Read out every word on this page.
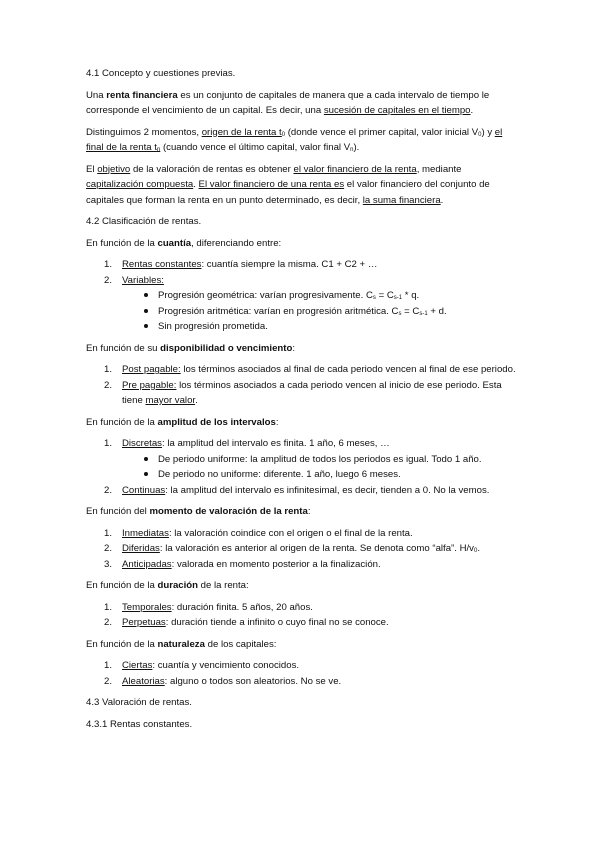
4.1 Concepto y cuestiones previas.

Una renta financiera es un conjunto de capitales de manera que a cada intervalo de tiempo le corresponde el vencimiento de un capital. Es decir, una sucesión de capitales en el tiempo.

Distinguimos 2 momentos, origen de la renta $t_0$ (donde vence el primer capital, valor inicial $V_0$) y el final de la renta $t_n$ (cuando vence el último capital, valor final $V_n$).

El objetivo de la valoración de rentas es obtener el valor financiero de la renta, mediante capitalización compuesta. El valor financiero de una renta es el valor financiero del conjunto de capitales que forman la renta en un punto determinado, es decir, la suma financiera.

4.2 Clasificación de rentas.

En función de la cuantía, diferenciando entre:

1. Rentas constantes: cuantía siempre la misma. C1 + C2 + …
2. Variables:
Progresión geométrica: varían progresivamente. $C_s = C_{s-1} * q$.
Progresión aritmética: varían en progresión aritmética. $C_s = C_{s-1} + d$.
Sin progresión prometida.

En función de su disponibilidad o vencimiento:

1. Post pagable: los términos asociados al final de cada periodo vencen al final de ese periodo.
2. Pre pagable: los términos asociados a cada periodo vencen al inicio de ese periodo. Esta tiene mayor valor.

En función de la amplitud de los intervalos:

1. Discretas: la amplitud del intervalo es finita. 1 año, 6 meses, …
De periodo uniforme: la amplitud de todos los periodos es igual. Todo 1 año.
De periodo no uniforme: diferente. 1 año, luego 6 meses.
2. Continuas: la amplitud del intervalo es infinitesimal, es decir, tienden a 0. No la vemos.

En función del momento de valoración de la renta:

1. Inmediatas: la valoración coindice con el origen o el final de la renta.
2. Diferidas: la valoración es anterior al origen de la renta. Se denota como “alfa”. $H/v_0$.
3. Anticipadas: valorada en momento posterior a la finalización.

En función de la duración de la renta:

1. Temporales: duración finita. 5 años, 20 años.
2. Perpetuas: duración tiende a infinito o cuyo final no se conoce.

En función de la naturaleza de los capitales:

1. Ciertas: cuantía y vencimiento conocidos.
2. Aleatorias: alguno o todos son aleatorios. No se ve.

4.3 Valoración de rentas.

4.3.1 Rentas constantes.
